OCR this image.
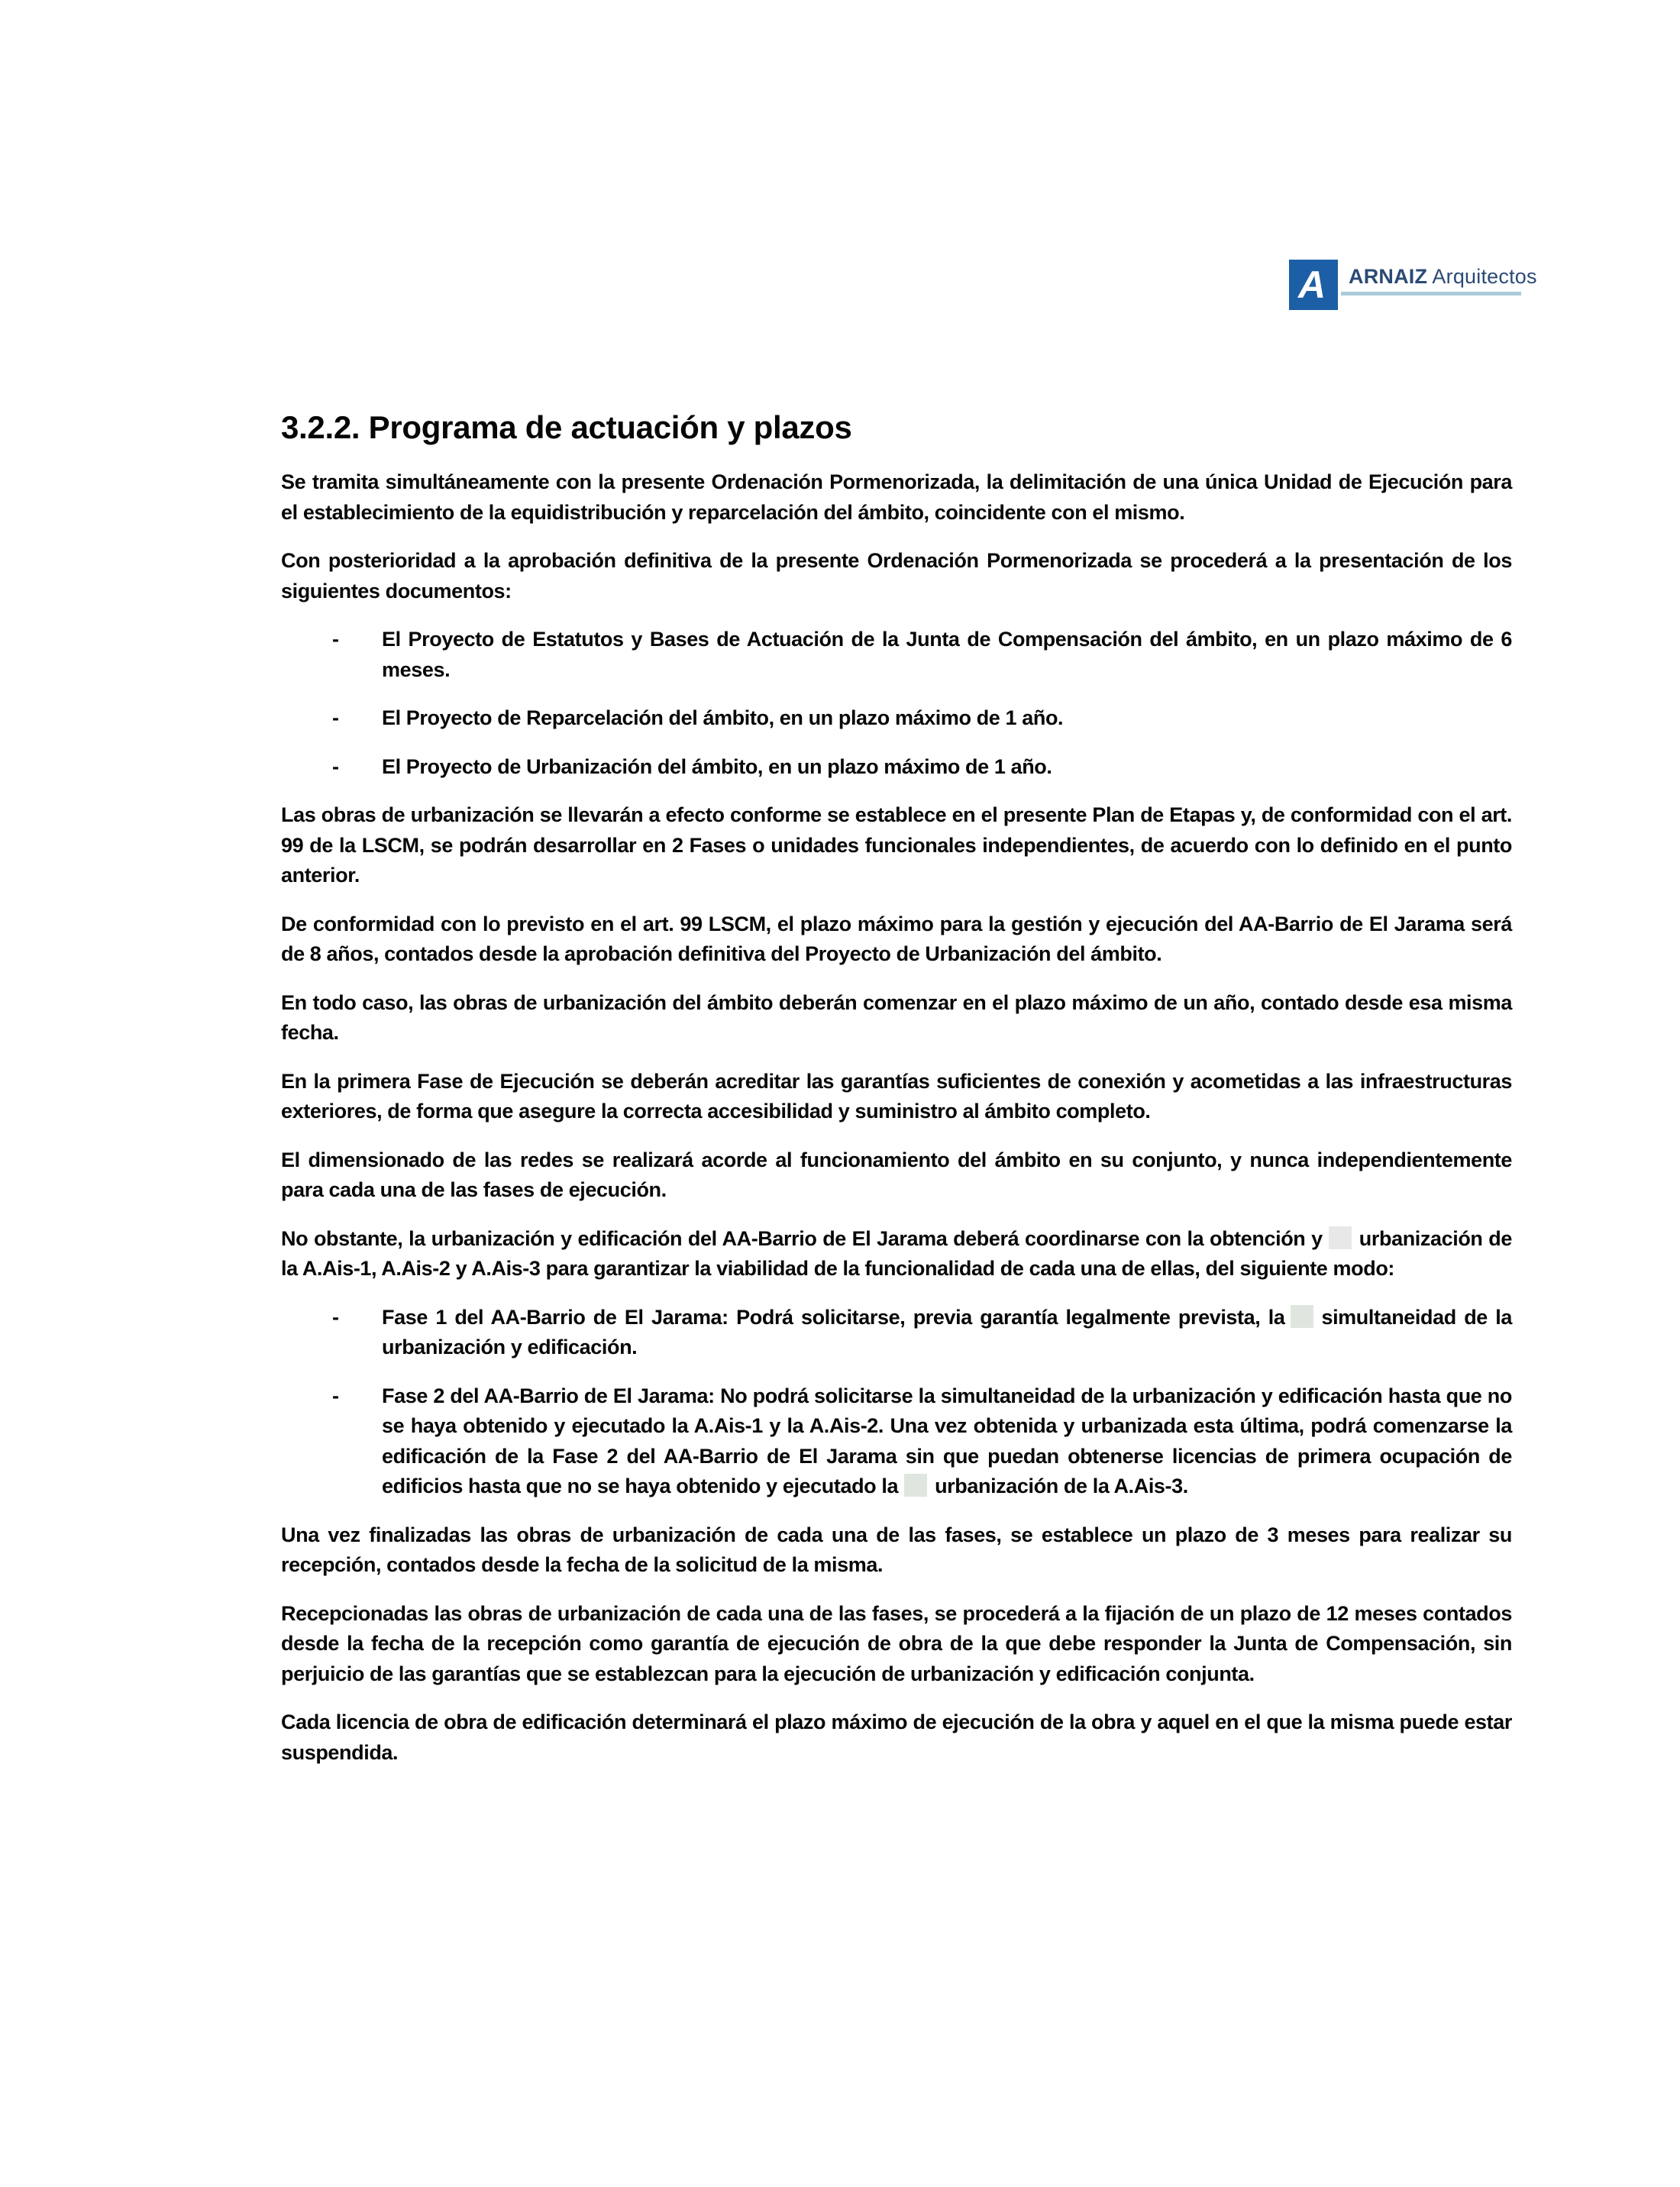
A ARNAIZ Arquitectos
3.2.2. Programa de actuación y plazos

Se tramita simultáneamente con la presente Ordenación Pormenorizada, la delimitación de una única Unidad de Ejecución para el establecimiento de la equidistribución y reparcelación del ámbito, coincidente con el mismo.

Con posterioridad a la aprobación definitiva de la presente Ordenación Pormenorizada se procederá a la presentación de los siguientes documentos:

- El Proyecto de Estatutos y Bases de Actuación de la Junta de Compensación del ámbito, en un plazo máximo de 6 meses.
- El Proyecto de Reparcelación del ámbito, en un plazo máximo de 1 año.
- El Proyecto de Urbanización del ámbito, en un plazo máximo de 1 año.

Las obras de urbanización se llevarán a efecto conforme se establece en el presente Plan de Etapas y, de conformidad con el art. 99 de la LSCM, se podrán desarrollar en 2 Fases o unidades funcionales independientes, de acuerdo con lo definido en el punto anterior.

De conformidad con lo previsto en el art. 99 LSCM, el plazo máximo para la gestión y ejecución del AA-Barrio de El Jarama será de 8 años, contados desde la aprobación definitiva del Proyecto de Urbanización del ámbito.

En todo caso, las obras de urbanización del ámbito deberán comenzar en el plazo máximo de un año, contado desde esa misma fecha.

En la primera Fase de Ejecución se deberán acreditar las garantías suficientes de conexión y acometidas a las infraestructuras exteriores, de forma que asegure la correcta accesibilidad y suministro al ámbito completo.

El dimensionado de las redes se realizará acorde al funcionamiento del ámbito en su conjunto, y nunca independientemente para cada una de las fases de ejecución.

No obstante, la urbanización y edificación del AA-Barrio de El Jarama deberá coordinarse con la obtención y urbanización de la A.Ais-1, A.Ais-2 y A.Ais-3 para garantizar la viabilidad de la funcionalidad de cada una de ellas, del siguiente modo:

- Fase 1 del AA-Barrio de El Jarama: Podrá solicitarse, previa garantía legalmente prevista, la simultaneidad de la urbanización y edificación.
- Fase 2 del AA-Barrio de El Jarama: No podrá solicitarse la simultaneidad de la urbanización y edificación hasta que no se haya obtenido y ejecutado la A.Ais-1 y la A.Ais-2. Una vez obtenida y urbanizada esta última, podrá comenzarse la edificación de la Fase 2 del AA-Barrio de El Jarama sin que puedan obtenerse licencias de primera ocupación de edificios hasta que no se haya obtenido y ejecutado la urbanización de la A.Ais-3.

Una vez finalizadas las obras de urbanización de cada una de las fases, se establece un plazo de 3 meses para realizar su recepción, contados desde la fecha de la solicitud de la misma.

Recepcionadas las obras de urbanización de cada una de las fases, se procederá a la fijación de un plazo de 12 meses contados desde la fecha de la recepción como garantía de ejecución de obra de la que debe responder la Junta de Compensación, sin perjuicio de las garantías que se establezcan para la ejecución de urbanización y edificación conjunta.

Cada licencia de obra de edificación determinará el plazo máximo de ejecución de la obra y aquel en el que la misma puede estar suspendida.
